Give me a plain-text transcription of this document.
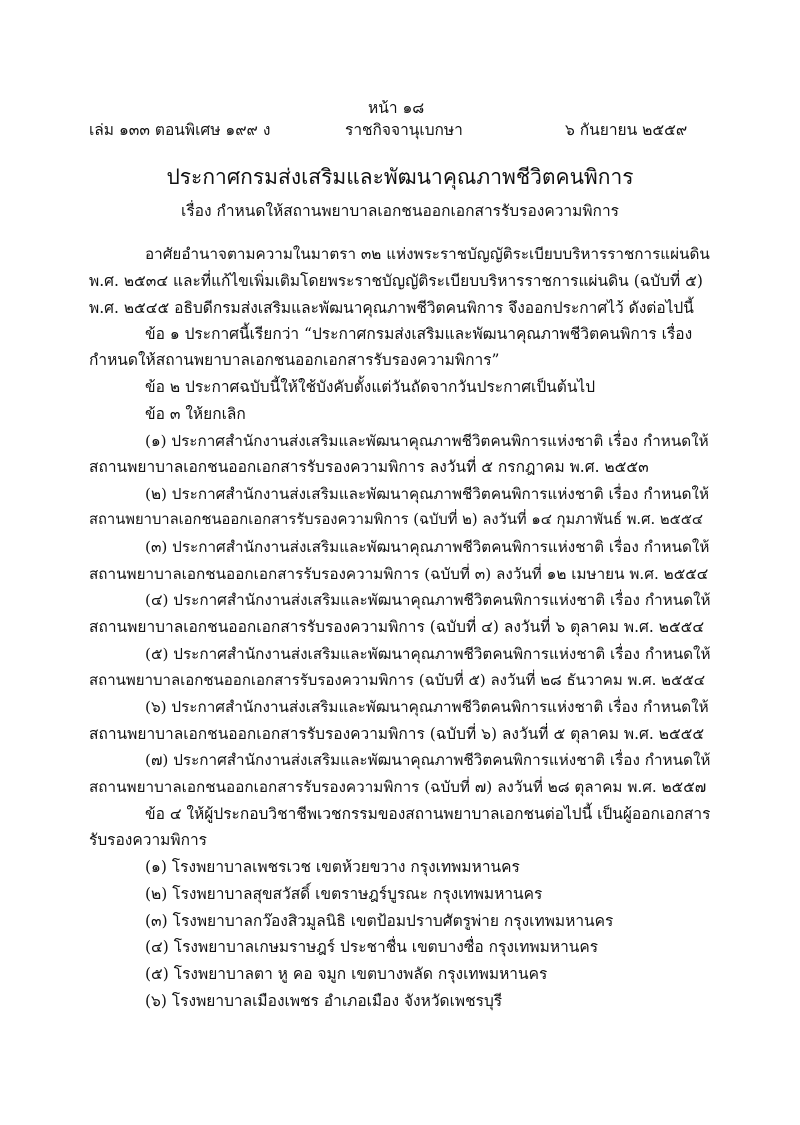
หน้า ๑๘
เล่ม ๑๓๓ ตอนพิเศษ ๑๙๙ ง	ราชกิจจานุเบกษา	๖ กันยายน ๒๕๕๙
ประกาศกรมส่งเสริมและพัฒนาคุณภาพชีวิตคนพิการ
เรื่อง กำหนดให้สถานพยาบาลเอกชนออกเอกสารรับรองความพิการ
อาศัยอำนาจตามความในมาตรา ๓๒ แห่งพระราชบัญญัติระเบียบบริหารราชการแผ่นดิน
พ.ศ. ๒๕๓๔ และที่แก้ไขเพิ่มเติมโดยพระราชบัญญัติระเบียบบริหารราชการแผ่นดิน (ฉบับที่ ๕)
พ.ศ. ๒๕๔๕ อธิบดีกรมส่งเสริมและพัฒนาคุณภาพชีวิตคนพิการ จึงออกประกาศไว้ ดังต่อไปนี้
ข้อ ๑ ประกาศนี้เรียกว่า “ประกาศกรมส่งเสริมและพัฒนาคุณภาพชีวิตคนพิการ เรื่อง
กำหนดให้สถานพยาบาลเอกชนออกเอกสารรับรองความพิการ”
ข้อ ๒ ประกาศฉบับนี้ให้ใช้บังคับตั้งแต่วันถัดจากวันประกาศเป็นต้นไป
ข้อ ๓ ให้ยกเลิก
(๑) ประกาศสำนักงานส่งเสริมและพัฒนาคุณภาพชีวิตคนพิการแห่งชาติ เรื่อง กำหนดให้
สถานพยาบาลเอกชนออกเอกสารรับรองความพิการ ลงวันที่ ๕ กรกฎาคม พ.ศ. ๒๕๕๓
(๒) ประกาศสำนักงานส่งเสริมและพัฒนาคุณภาพชีวิตคนพิการแห่งชาติ เรื่อง กำหนดให้
สถานพยาบาลเอกชนออกเอกสารรับรองความพิการ (ฉบับที่ ๒) ลงวันที่ ๑๔ กุมภาพันธ์ พ.ศ. ๒๕๕๔
(๓) ประกาศสำนักงานส่งเสริมและพัฒนาคุณภาพชีวิตคนพิการแห่งชาติ เรื่อง กำหนดให้
สถานพยาบาลเอกชนออกเอกสารรับรองความพิการ (ฉบับที่ ๓) ลงวันที่ ๑๒ เมษายน พ.ศ. ๒๕๕๔
(๔) ประกาศสำนักงานส่งเสริมและพัฒนาคุณภาพชีวิตคนพิการแห่งชาติ เรื่อง กำหนดให้
สถานพยาบาลเอกชนออกเอกสารรับรองความพิการ (ฉบับที่ ๔) ลงวันที่ ๖ ตุลาคม พ.ศ. ๒๕๕๔
(๕) ประกาศสำนักงานส่งเสริมและพัฒนาคุณภาพชีวิตคนพิการแห่งชาติ เรื่อง กำหนดให้
สถานพยาบาลเอกชนออกเอกสารรับรองความพิการ (ฉบับที่ ๕) ลงวันที่ ๒๘ ธันวาคม พ.ศ. ๒๕๕๔
(๖) ประกาศสำนักงานส่งเสริมและพัฒนาคุณภาพชีวิตคนพิการแห่งชาติ เรื่อง กำหนดให้
สถานพยาบาลเอกชนออกเอกสารรับรองความพิการ (ฉบับที่ ๖) ลงวันที่ ๕ ตุลาคม พ.ศ. ๒๕๕๕
(๗) ประกาศสำนักงานส่งเสริมและพัฒนาคุณภาพชีวิตคนพิการแห่งชาติ เรื่อง กำหนดให้
สถานพยาบาลเอกชนออกเอกสารรับรองความพิการ (ฉบับที่ ๗) ลงวันที่ ๒๘ ตุลาคม พ.ศ. ๒๕๕๗
ข้อ ๔ ให้ผู้ประกอบวิชาชีพเวชกรรมของสถานพยาบาลเอกชนต่อไปนี้ เป็นผู้ออกเอกสาร
รับรองความพิการ
(๑) โรงพยาบาลเพชรเวช เขตห้วยขวาง กรุงเทพมหานคร
(๒) โรงพยาบาลสุขสวัสดิ์ เขตราษฎร์บูรณะ กรุงเทพมหานคร
(๓) โรงพยาบาลกว๊องสิวมูลนิธิ เขตป้อมปราบศัตรูพ่าย กรุงเทพมหานคร
(๔) โรงพยาบาลเกษมราษฎร์ ประชาชื่น เขตบางซื่อ กรุงเทพมหานคร
(๕) โรงพยาบาลตา หู คอ จมูก เขตบางพลัด กรุงเทพมหานคร
(๖) โรงพยาบาลเมืองเพชร อำเภอเมือง จังหวัดเพชรบุรี
